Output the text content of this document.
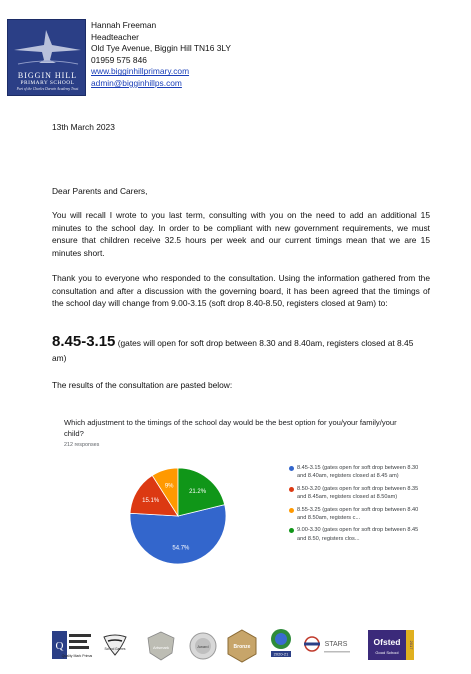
BIGGIN HILL
PRIMARY SCHOOL
Part of the Charles Darwin Academy Trust
Hannah Freeman
Headteacher
Old Tye Avenue, Biggin Hill TN16 3LY
01959 575 846
www.bigginhillprimary.com
admin@bigginhillps.com
13th March 2023
Dear Parents and Carers,
You will recall I wrote to you last term, consulting with you on the need to add an additional 15 minutes to the school day. In order to be compliant with new government requirements, we must ensure that children receive 32.5 hours per week and our current timings mean that we are 15 minutes short.
Thank you to everyone who responded to the consultation. Using the information gathered from the consultation and after a discussion with the governing board, it has been agreed that the timings of the school day will change from 9.00-3.15 (soft drop 8.40-8.50, registers closed at 9am) to:
8.45-3.15 (gates will open for soft drop between 8.30 and 8.40am, registers closed at 8.45 am)
The results of the consultation are pasted below:
Which adjustment to the timings of the school day would be the best option for you/your family/your child?
212 responses
54.7%
15.1%
9%
21.2%
8.45-3.15 (gates open for soft drop between 8.30 and 8.40am, registers closed at 8.45 am)
8.50-3.20 (gates open for soft drop between 8.35 and 8.45am, registers closed at 8.50am)
8.55-3.25 (gates open for soft drop between 8.40 and 8.50am, registers c...
9.00-3.30 (gates open for soft drop between 8.45 and 8.50, registers clos...
Q
Quality Mark Primary
School Games	Artsmark	Award	Bronze
2020-21
STARS	Ofsted
Good School
2017
